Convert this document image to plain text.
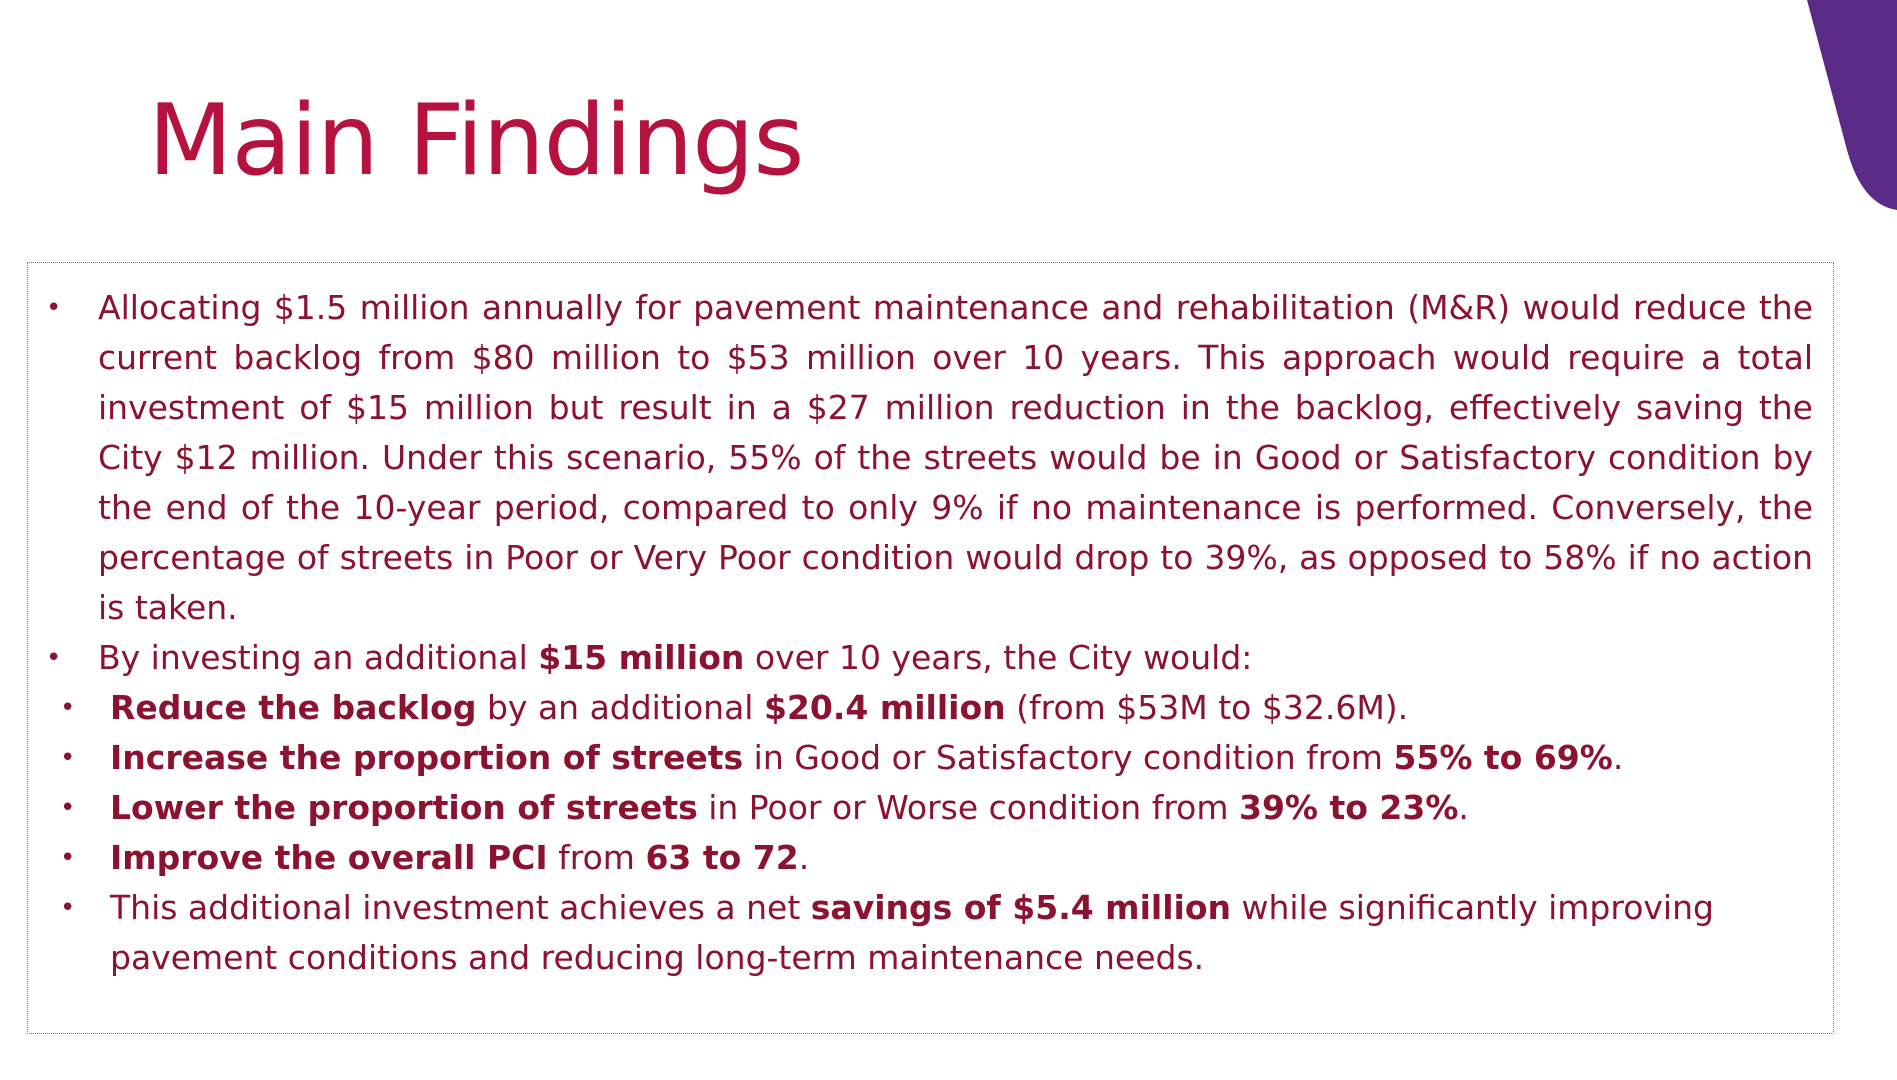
Main Findings
• Allocating $1.5 million annually for pavement maintenance and rehabilitation (M&R) would reduce the current backlog from $80 million to $53 million over 10 years. This approach would require a total investment of $15 million but result in a $27 million reduction in the backlog, effectively saving the City $12 million. Under this scenario, 55% of the streets would be in Good or Satisfactory condition by the end of the 10-year period, compared to only 9% if no maintenance is performed. Conversely, the percentage of streets in Poor or Very Poor condition would drop to 39%, as opposed to 58% if no action is taken.
• By investing an additional $15 million over 10 years, the City would:
• Reduce the backlog by an additional $20.4 million (from $53M to $32.6M).
• Increase the proportion of streets in Good or Satisfactory condition from 55% to 69%.
• Lower the proportion of streets in Poor or Worse condition from 39% to 23%.
• Improve the overall PCI from 63 to 72.
• This additional investment achieves a net savings of $5.4 million while significantly improving pavement conditions and reducing long-term maintenance needs.
